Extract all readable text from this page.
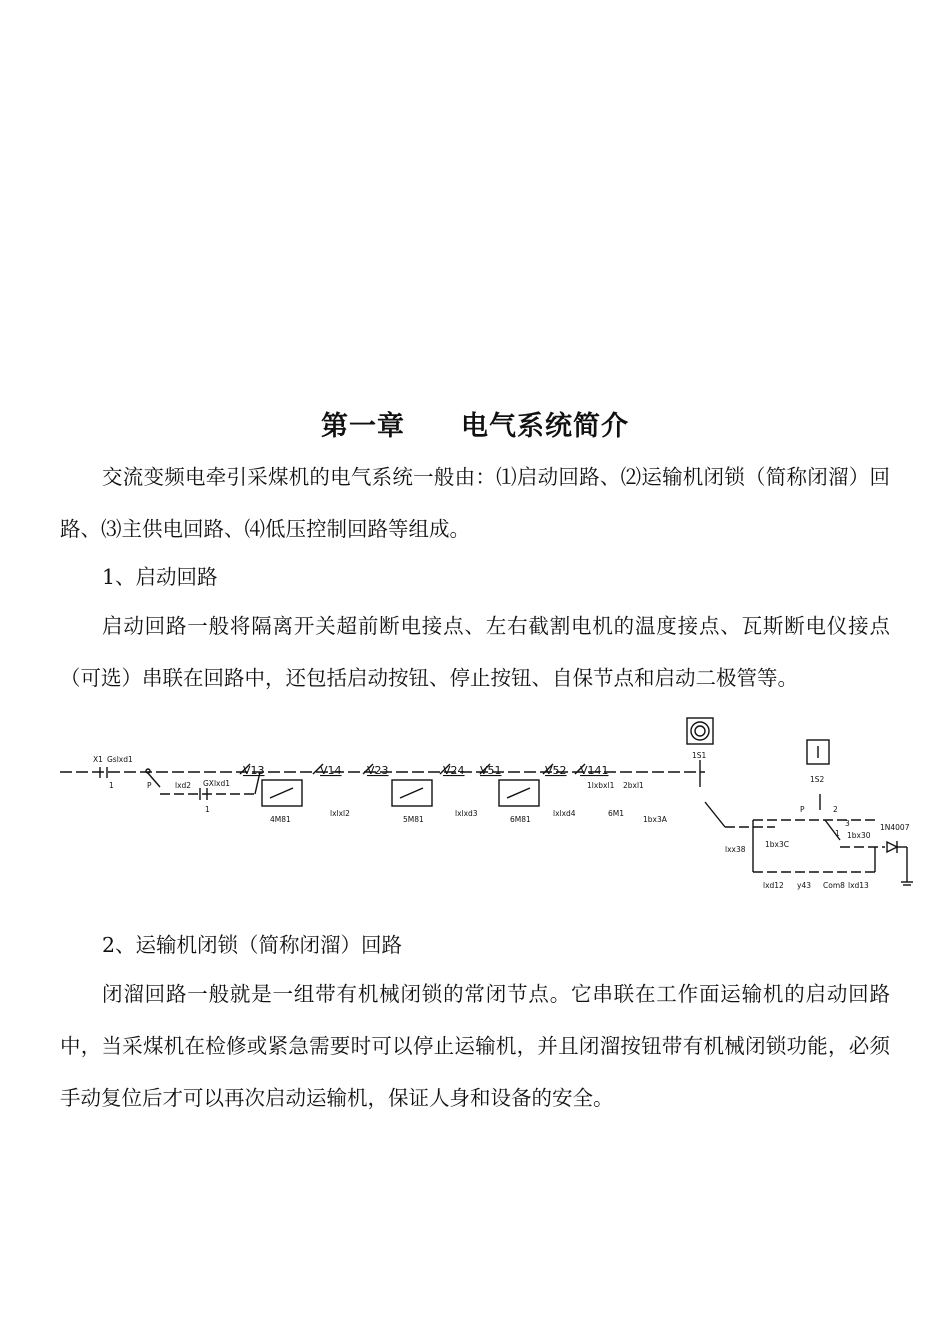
第一章　　电气系统简介

交流变频电牵引采煤机的电气系统一般由：⑴启动回路、⑵运输机闭锁（简称闭溜）回路、⑶主供电回路、⑷低压控制回路等组成。

1、启动回路

启动回路一般将隔离开关超前断电接点、左右截割电机的温度接点、瓦斯断电仪接点（可选）串联在回路中，还包括启动按钮、停止按钮、自保节点和启动二极管等。

X1 Gslxd1
1	lxd2 GXlxd1
1
V13	V14 V23	V24 V51	V52 V141
4M81
lxlxl2
5M81
lxlxd3
6M81
lxlxd4	6M1
1lxbxl1 2bxl1
1bx3A
1S1
1S2
lxx38
1bx3C
1bx30
P
P
2
1
3	1N4007
lxd12 y43 Com8 lxd13

2、运输机闭锁（简称闭溜）回路

闭溜回路一般就是一组带有机械闭锁的常闭节点。它串联在工作面运输机的启动回路中，当采煤机在检修或紧急需要时可以停止运输机，并且闭溜按钮带有机械闭锁功能，必须手动复位后才可以再次启动运输机，保证人身和设备的安全。
